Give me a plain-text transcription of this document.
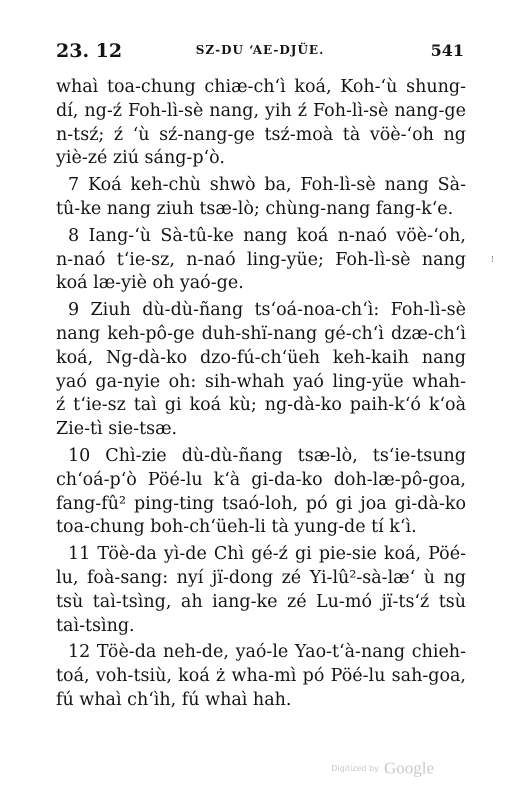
23. 12	SZ-DU ‘AE-DJÜE.	541
⁝
whaì toa-chung chiæ-ch‘ì koá, Koh-‘ù shung-
dí, ng-ź Foh-lì-sè nang, yih ź Foh-lì-sè nang-ge
n-tsź; ź ‘ù sź-nang-ge tsź-moà tà vöè-‘oh ng
yiè-zé ziú sáng-p‘ò.
7 Koá keh-chù shwò ba, Foh-lì-sè nang Sà-
tû-ke nang ziuh tsæ-lò; chùng-nang fang-k‘e.
8 Iang-‘ù Sà-tû-ke nang koá n-naó vöè-‘oh,
n-naó t‘ie-sz, n-naó ling-yüe; Foh-lì-sè nang
koá læ-yiè oh yaó-ge.
9 Ziuh dù-dù-ñang ts‘oá-noa-ch‘ì: Foh-lì-sè
nang keh-pô-ge duh-shï-nang gé-ch‘ì dzæ-ch‘ì
koá, Ng-dà-ko dzo-fú-ch‘üeh keh-kaih nang
yaó ga-nyie oh: sih-whah yaó ling-yüe whah-
ź t‘ie-sz taì gi koá kù; ng-dà-ko paih-k‘ó k‘oà
Zie-tì sie-tsæ.
10 Chì-zie dù-dù-ñang tsæ-lò, ts‘ie-tsung
ch‘oá-p‘ò Pöé-lu k‘à gi-da-ko doh-læ-pô-goa,
fang-fû² ping-ting tsaó-loh, pó gi joa gi-dà-ko
toa-chung boh-ch‘üeh-li tà yung-de tí k‘ì.
11 Töè-da yì-de Chì gé-ź gi pie-sie koá, Pöé-
lu, foà-sang: nyí jï-dong zé Yi-lû²-sà-læ‘ ù ng
tsù taì-tsìng, ah iang-ke zé Lu-mó jï-ts‘ź tsù
taì-tsìng.
12 Töè-da neh-de, yaó-le Yao-t‘à-nang chieh-
toá, voh-tsiù, koá ż wha-mì pó Pöé-lu sah-goa,
fú whaì ch‘ìh, fú whaì hah.
Digitized by Google
